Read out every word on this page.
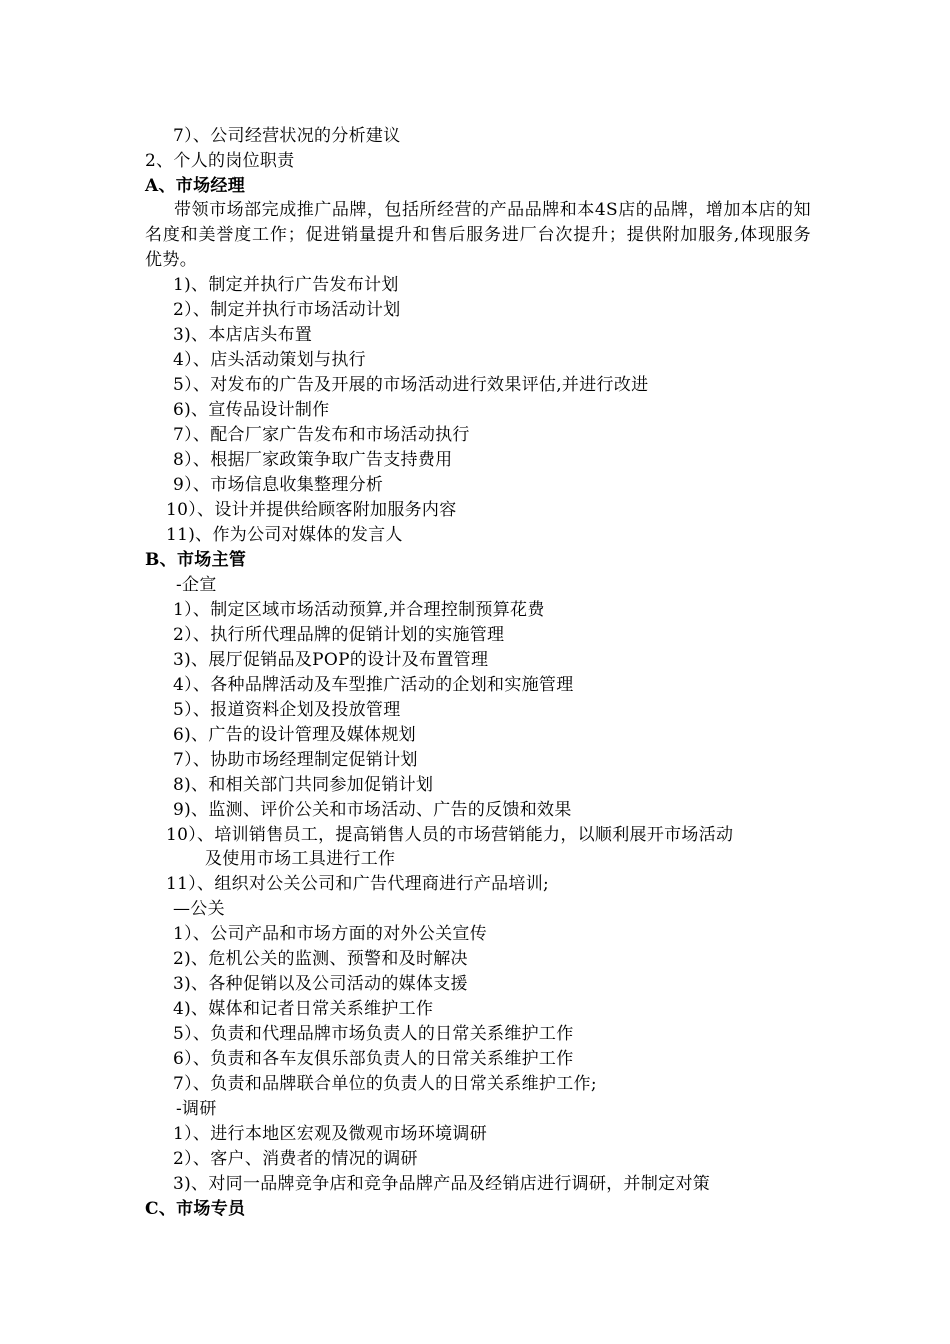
7）、公司经营状况的分析建议
2、个人的岗位职责
A、市场经理
带领市场部完成推广品牌，包括所经营的产品品牌和本4S店的品牌，增加本店的知名度和美誉度工作；促进销量提升和售后服务进厂台次提升；提供附加服务,体现服务优势。
1)、制定并执行广告发布计划
2）、制定并执行市场活动计划
3)、本店店头布置
4）、店头活动策划与执行
5）、对发布的广告及开展的市场活动进行效果评估,并进行改进
6)、宣传品设计制作
7）、配合厂家广告发布和市场活动执行
8）、根据厂家政策争取广告支持费用
9）、市场信息收集整理分析
10）、设计并提供给顾客附加服务内容
11)、作为公司对媒体的发言人
B、市场主管
-企宣
1）、制定区域市场活动预算,并合理控制预算花费
2）、执行所代理品牌的促销计划的实施管理
3)、展厅促销品及POP的设计及布置管理
4）、各种品牌活动及车型推广活动的企划和实施管理
5）、报道资料企划及投放管理
6)、广告的设计管理及媒体规划
7）、协助市场经理制定促销计划
8)、和相关部门共同参加促销计划
9)、监测、评价公关和市场活动、广告的反馈和效果
10）、培训销售员工，提高销售人员的市场营销能力，以顺利展开市场活动
及使用市场工具进行工作
11）、组织对公关公司和广告代理商进行产品培训;
—公关
1）、公司产品和市场方面的对外公关宣传
2)、危机公关的监测、预警和及时解决
3)、各种促销以及公司活动的媒体支援
4)、媒体和记者日常关系维护工作
5）、负责和代理品牌市场负责人的日常关系维护工作
6）、负责和各车友俱乐部负责人的日常关系维护工作
7）、负责和品牌联合单位的负责人的日常关系维护工作;
-调研
1）、进行本地区宏观及微观市场环境调研
2）、客户、消费者的情况的调研
3)、对同一品牌竞争店和竞争品牌产品及经销店进行调研，并制定对策
C、市场专员
